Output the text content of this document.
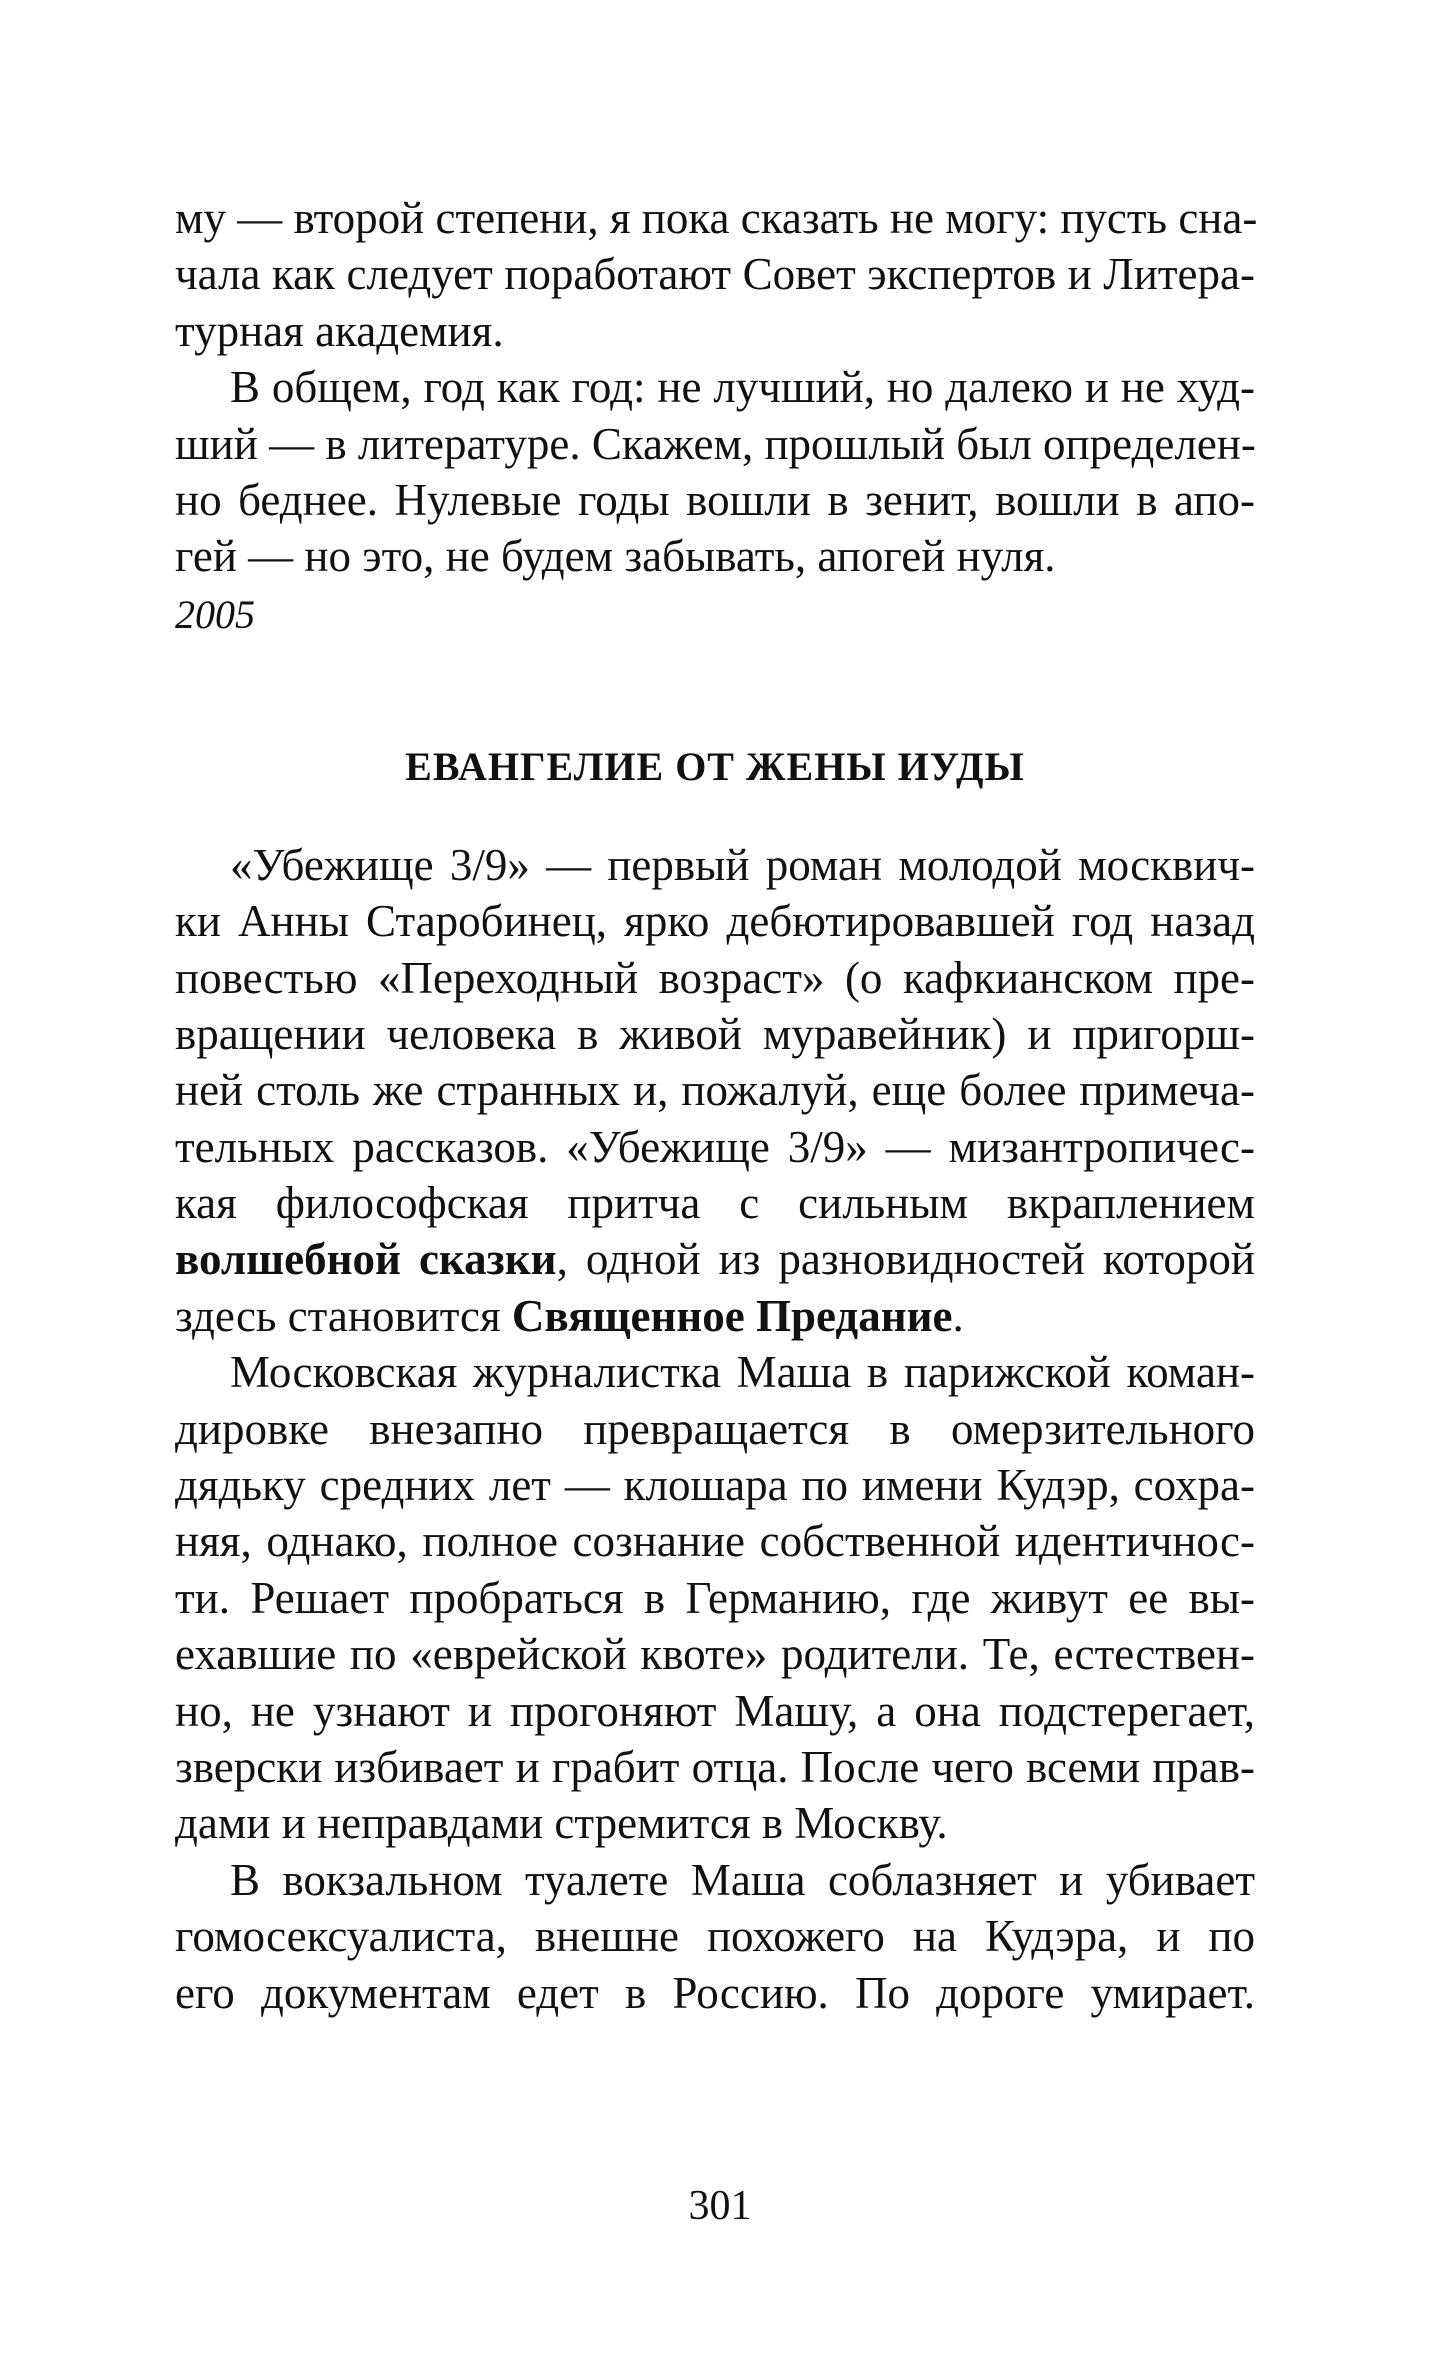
му — второй степени, я пока сказать не могу: пусть сна-
чала как следует поработают Совет экспертов и Литера-
турная академия.
В общем, год как год: не лучший, но далеко и не худ-
ший — в литературе. Скажем, прошлый был определен-
но беднее. Нулевые годы вошли в зенит, вошли в апо-
гей — но это, не будем забывать, апогей нуля.
2005
ЕВАНГЕЛИЕ ОТ ЖЕНЫ ИУДЫ
«Убежище 3/9» — первый роман молодой москвич-
ки Анны Старобинец, ярко дебютировавшей год назад
повестью «Переходный возраст» (о кафкианском пре-
вращении человека в живой муравейник) и пригорш-
ней столь же странных и, пожалуй, еще более примеча-
тельных рассказов. «Убежище 3/9» — мизантропичес-
кая философская притча с сильным вкраплением
волшебной сказки, одной из разновидностей которой
здесь становится Священное Предание.
Московская журналистка Маша в парижской коман-
дировке внезапно превращается в омерзительного
дядьку средних лет — клошара по имени Кудэр, сохра-
няя, однако, полное сознание собственной идентичнос-
ти. Решает пробраться в Германию, где живут ее вы-
ехавшие по «еврейской квоте» родители. Те, естествен-
но, не узнают и прогоняют Машу, а она подстерегает,
зверски избивает и грабит отца. После чего всеми прав-
дами и неправдами стремится в Москву.
В вокзальном туалете Маша соблазняет и убивает
гомосексуалиста, внешне похожего на Кудэра, и по
его документам едет в Россию. По дороге умирает.
301
